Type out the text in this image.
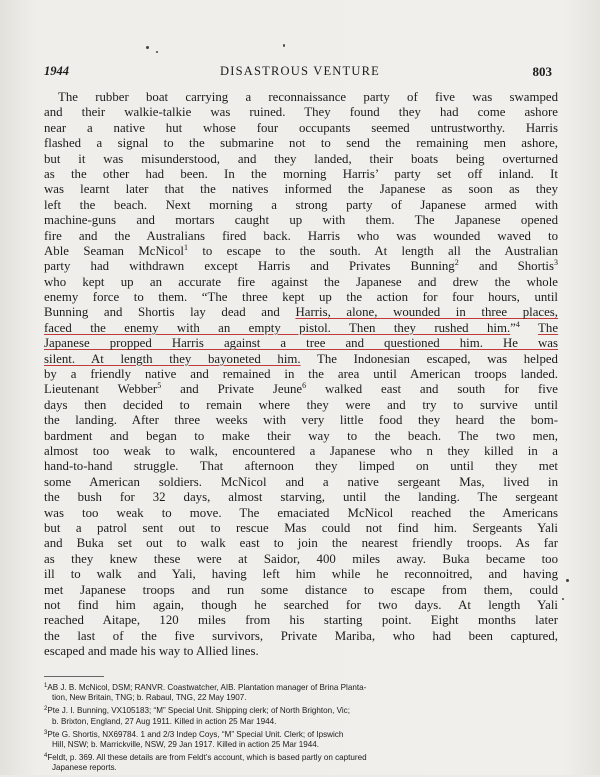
1944	DISASTROUS VENTURE	803
The rubber boat carrying a reconnaissance party of five was swamped
and their walkie-talkie was ruined. They found they had come ashore
near a native hut whose four occupants seemed untrustworthy. Harris
flashed a signal to the submarine not to send the remaining men ashore,
but it was misunderstood, and they landed, their boats being overturned
as the other had been. In the morning Harris’ party set off inland. It
was learnt later that the natives informed the Japanese as soon as they
left the beach. Next morning a strong party of Japanese armed with
machine-guns and mortars caught up with them. The Japanese opened
fire and the Australians fired back. Harris who was wounded waved to
Able Seaman McNicol$^1$ to escape to the south. At length all the Australian
party had withdrawn except Harris and Privates Bunning$^2$ and Shortis$^3$
who kept up an accurate fire against the Japanese and drew the whole
enemy force to them. “The three kept up the action for four hours, until
Bunning and Shortis lay dead and Harris, alone, wounded in three places,
faced the enemy with an empty pistol. Then they rushed him.”$^4$ The
Japanese propped Harris against a tree and questioned him. He was
silent. At length they bayoneted him. The Indonesian escaped, was helped
by a friendly native and remained in the area until American troops landed.
Lieutenant Webber$^5$ and Private Jeune$^6$ walked east and south for five
days then decided to remain where they were and try to survive until
the landing. After three weeks with very little food they heard the bom-
bardment and began to make their way to the beach. The two men,
almost too weak to walk, encountered a Japanese who n they killed in a
hand-to-hand struggle. That afternoon they limped on until they met
some American soldiers. McNicol and a native sergeant Mas, lived in
the bush for 32 days, almost starving, until the landing. The sergeant
was too weak to move. The emaciated McNicol reached the Americans
but a patrol sent out to rescue Mas could not find him. Sergeants Yali
and Buka set out to walk east to join the nearest friendly troops. As far
as they knew these were at Saidor, 400 miles away. Buka became too
ill to walk and Yali, having left him while he reconnoitred, and having
met Japanese troops and run some distance to escape from them, could
not find him again, though he searched for two days. At length Yali
reached Aitape, 120 miles from his starting point. Eight months later
the last of the five survivors, Private Mariba, who had been captured,
escaped and made his way to Allied lines.
$^1$AB J. B. McNicol, DSM; RANVR. Coastwatcher, AIB. Plantation manager of Brina Planta-
tion, New Britain, TNG; b. Rabaul, TNG, 22 May 1907.
$^2$Pte J. I. Bunning, VX105183; “M” Special Unit. Shipping clerk; of North Brighton, Vic;
b. Brixton, England, 27 Aug 1911. Killed in action 25 Mar 1944.
$^3$Pte G. Shortis, NX69784. 1 and 2/3 Indep Coys, “M” Special Unit. Clerk; of Ipswich
Hill, NSW; b. Marrickville, NSW, 29 Jan 1917. Killed in action 25 Mar 1944.
$^4$Feldt, p. 369. All these details are from Feldt’s account, which is based partly on captured
Japanese reports.
